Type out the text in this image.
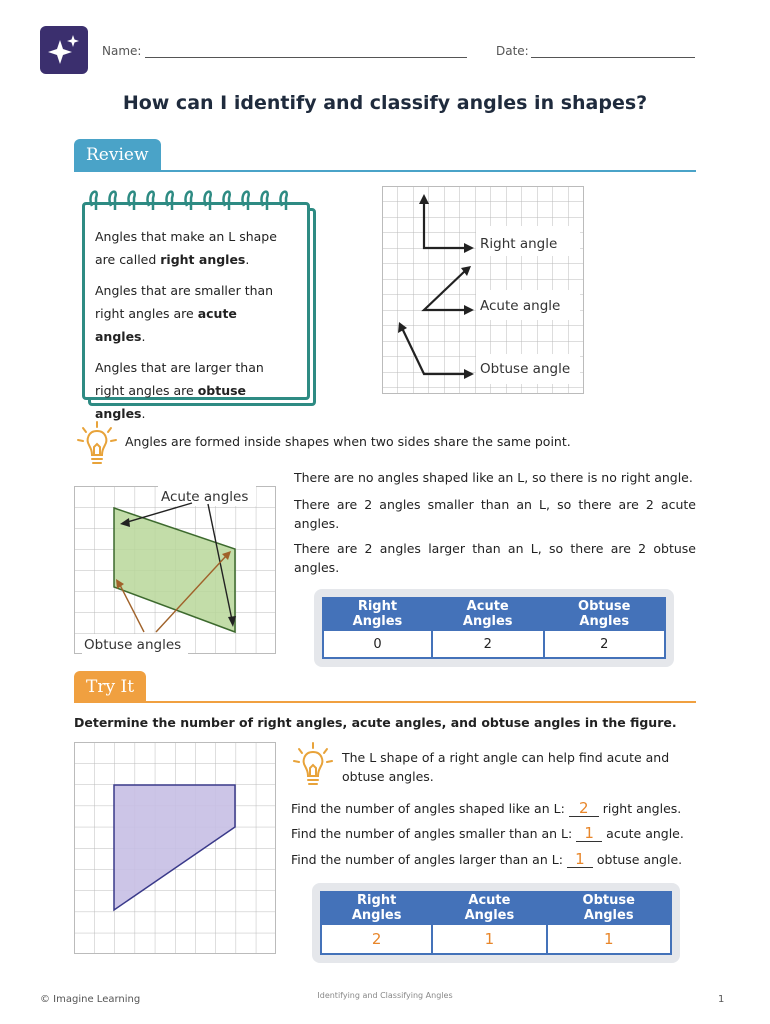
Name:	Date:
How can I identify and classify angles in shapes?
Review
Angles that make an L shape are called right angles.
Angles that are smaller than right angles are acute angles.
Angles that are larger than right angles are obtuse angles.
Right angle
Acute angle
Obtuse angle
Angles are formed inside shapes when two sides share the same point.
Acute angles
Obtuse angles
There are no angles shaped like an L, so there is no right angle.
There are 2 angles smaller than an L, so there are 2 acute angles.
There are 2 angles larger than an L, so there are 2 obtuse angles.
Right Angles	Acute Angles	Obtuse Angles
0	2	2
Try It
Determine the number of right angles, acute angles, and obtuse angles in the figure.
The L shape of a right angle can help find acute and obtuse angles.
Find the number of angles shaped like an L: 2 right angles.
Find the number of angles smaller than an L: 1 acute angle.
Find the number of angles larger than an L: 1 obtuse angle.
Right Angles	Acute Angles	Obtuse Angles
2	1	1
© Imagine Learning	Identifying and Classifying Angles	1
